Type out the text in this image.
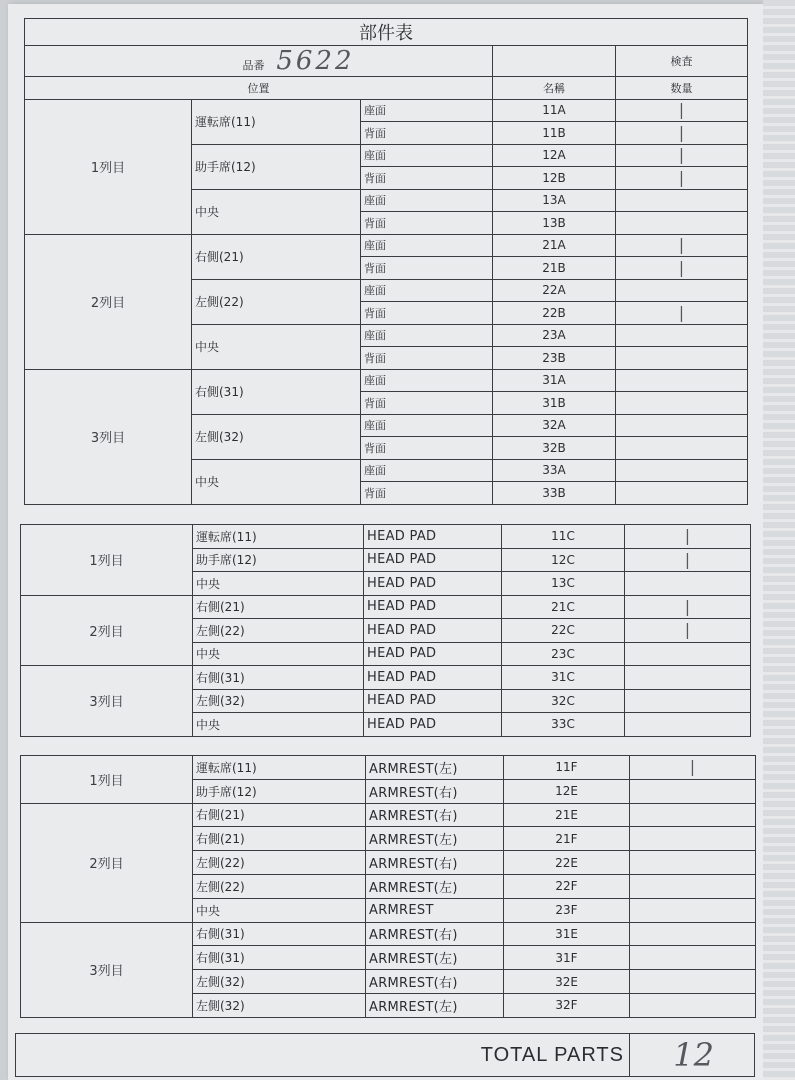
部件表				
品番 5622				検査
位置			名稱	数量
1列目	運転席(11)	座面	11A	|
		背面	11B	|
	助手席(12)	座面	12A	|
		背面	12B	|
	中央	座面	13A	
		背面	13B	
2列目	右側(21)	座面	21A	|
		背面	21B	|
	左側(22)	座面	22A	
		背面	22B	|
	中央	座面	23A	
		背面	23B	
3列目	右側(31)	座面	31A	
		背面	31B	
	左側(32)	座面	32A	
		背面	32B	
	中央	座面	33A	
		背面	33B	
1列目	運転席(11)	HEAD PAD	11C	|
	助手席(12)	HEAD PAD	12C	|
	中央	HEAD PAD	13C	
2列目	右側(21)	HEAD PAD	21C	|
	左側(22)	HEAD PAD	22C	|
	中央	HEAD PAD	23C	
3列目	右側(31)	HEAD PAD	31C	
	左側(32)	HEAD PAD	32C	
	中央	HEAD PAD	33C	
1列目	運転席(11)	ARMREST(左)	11F	|
	助手席(12)	ARMREST(右)	12E	
2列目	右側(21)	ARMREST(右)	21E	
	右側(21)	ARMREST(左)	21F	
	左側(22)	ARMREST(右)	22E	
	左側(22)	ARMREST(左)	22F	
	中央	ARMREST	23F	
3列目	右側(31)	ARMREST(右)	31E	
	右側(31)	ARMREST(左)	31F	
	左側(32)	ARMREST(右)	32E	
	左側(32)	ARMREST(左)	32F	
TOTAL PARTS 12
